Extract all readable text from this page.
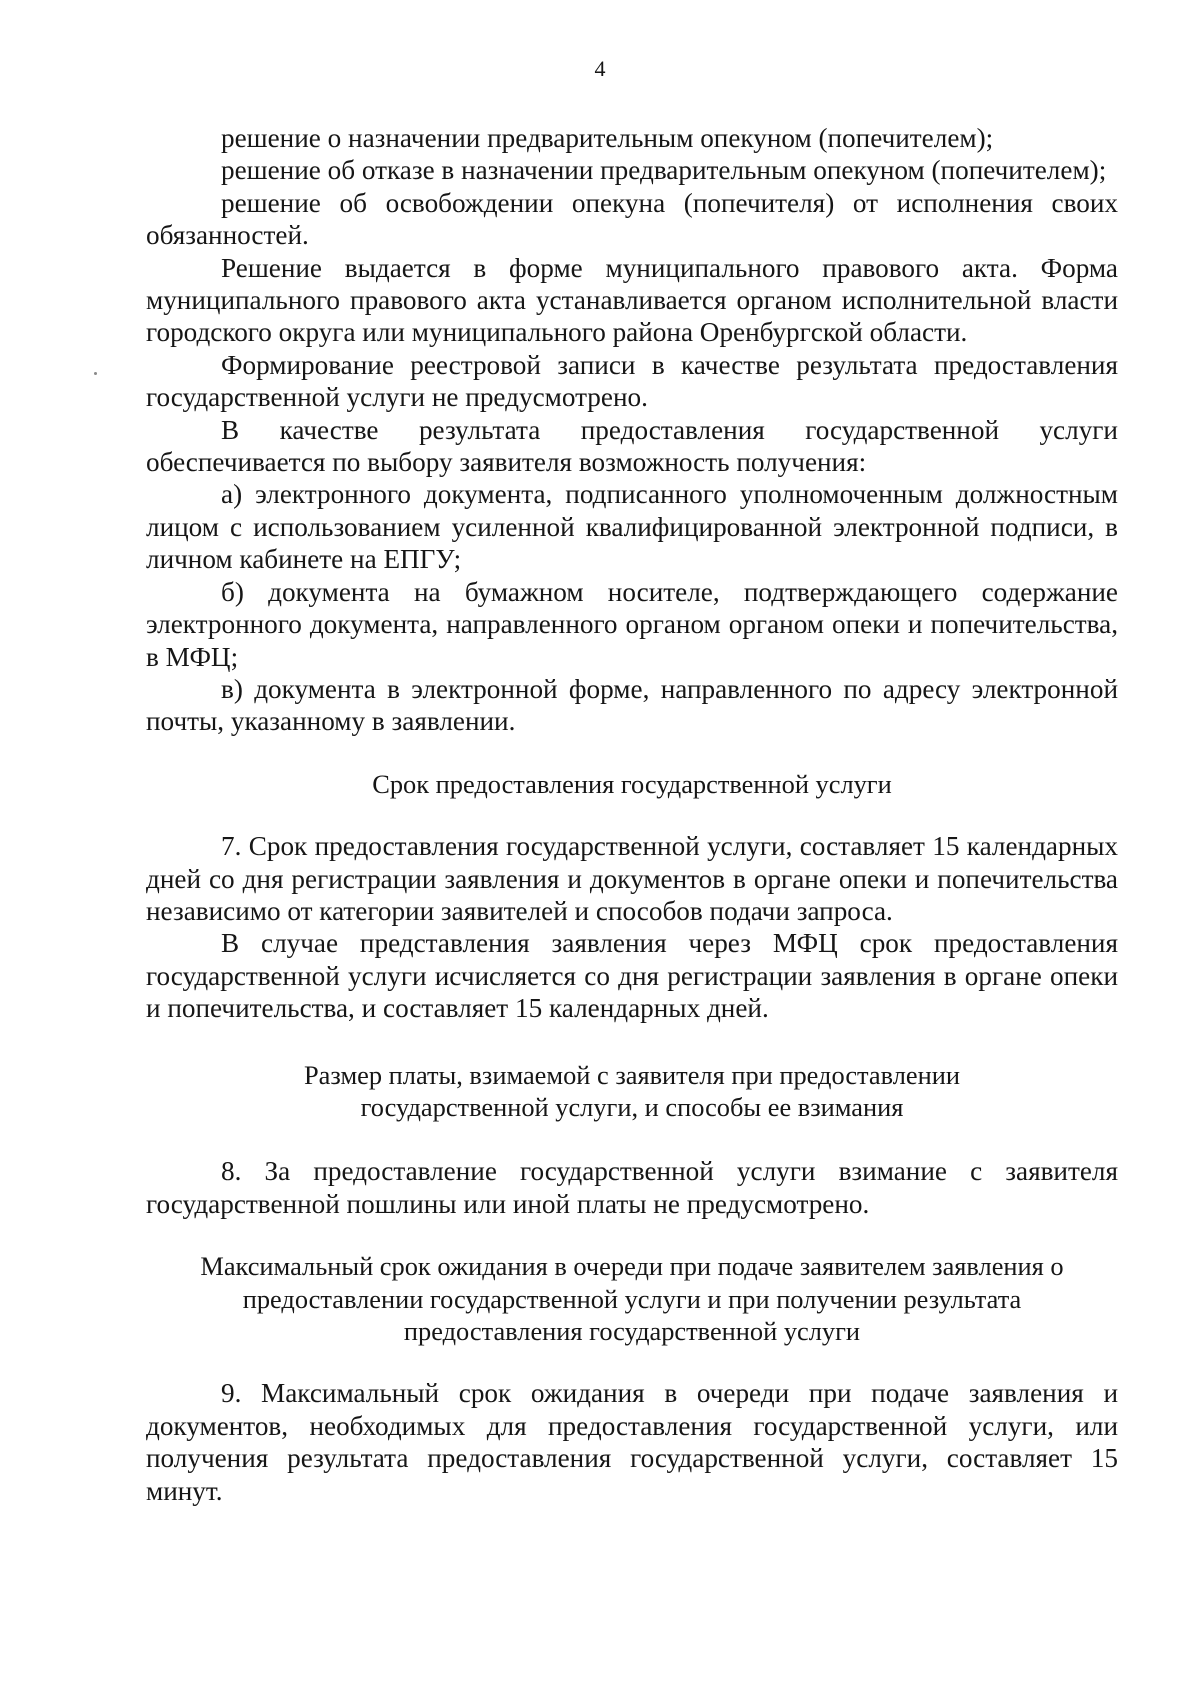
4

решение о назначении предварительным опекуном (попечителем);

решение об отказе в назначении предварительным опекуном (попечителем);

решение об освобождении опекуна (попечителя) от исполнения своих обязанностей.

Решение выдается в форме муниципального правового акта. Форма муниципального правового акта устанавливается органом исполнительной власти городского округа или муниципального района Оренбургской области.

Формирование реестровой записи в качестве результата предоставления государственной услуги не предусмотрено.

В качестве результата предоставления государственной услуги обеспечивается по выбору заявителя возможность получения:

а) электронного документа, подписанного уполномоченным должностным лицом с использованием усиленной квалифицированной электронной подписи, в личном кабинете на ЕПГУ;

б) документа на бумажном носителе, подтверждающего содержание электронного документа, направленного органом органом опеки и попечительства, в МФЦ;

в) документа в электронной форме, направленного по адресу электронной почты, указанному в заявлении.

Срок предоставления государственной услуги

7. Срок предоставления государственной услуги, составляет 15 календарных дней со дня регистрации заявления и документов в органе опеки и попечительства независимо от категории заявителей и способов подачи запроса.

В случае представления заявления через МФЦ срок предоставления государственной услуги исчисляется со дня регистрации заявления в органе опеки и попечительства, и составляет 15 календарных дней.

Размер платы, взимаемой с заявителя при предоставлении
государственной услуги, и способы ее взимания

8. За предоставление государственной услуги взимание с заявителя государственной пошлины или иной платы не предусмотрено.

Максимальный срок ожидания в очереди при подаче заявителем заявления о
предоставлении государственной услуги и при получении результата
предоставления государственной услуги

9. Максимальный срок ожидания в очереди при подаче заявления и документов, необходимых для предоставления государственной услуги, или получения результата предоставления государственной услуги, составляет 15 минут.
